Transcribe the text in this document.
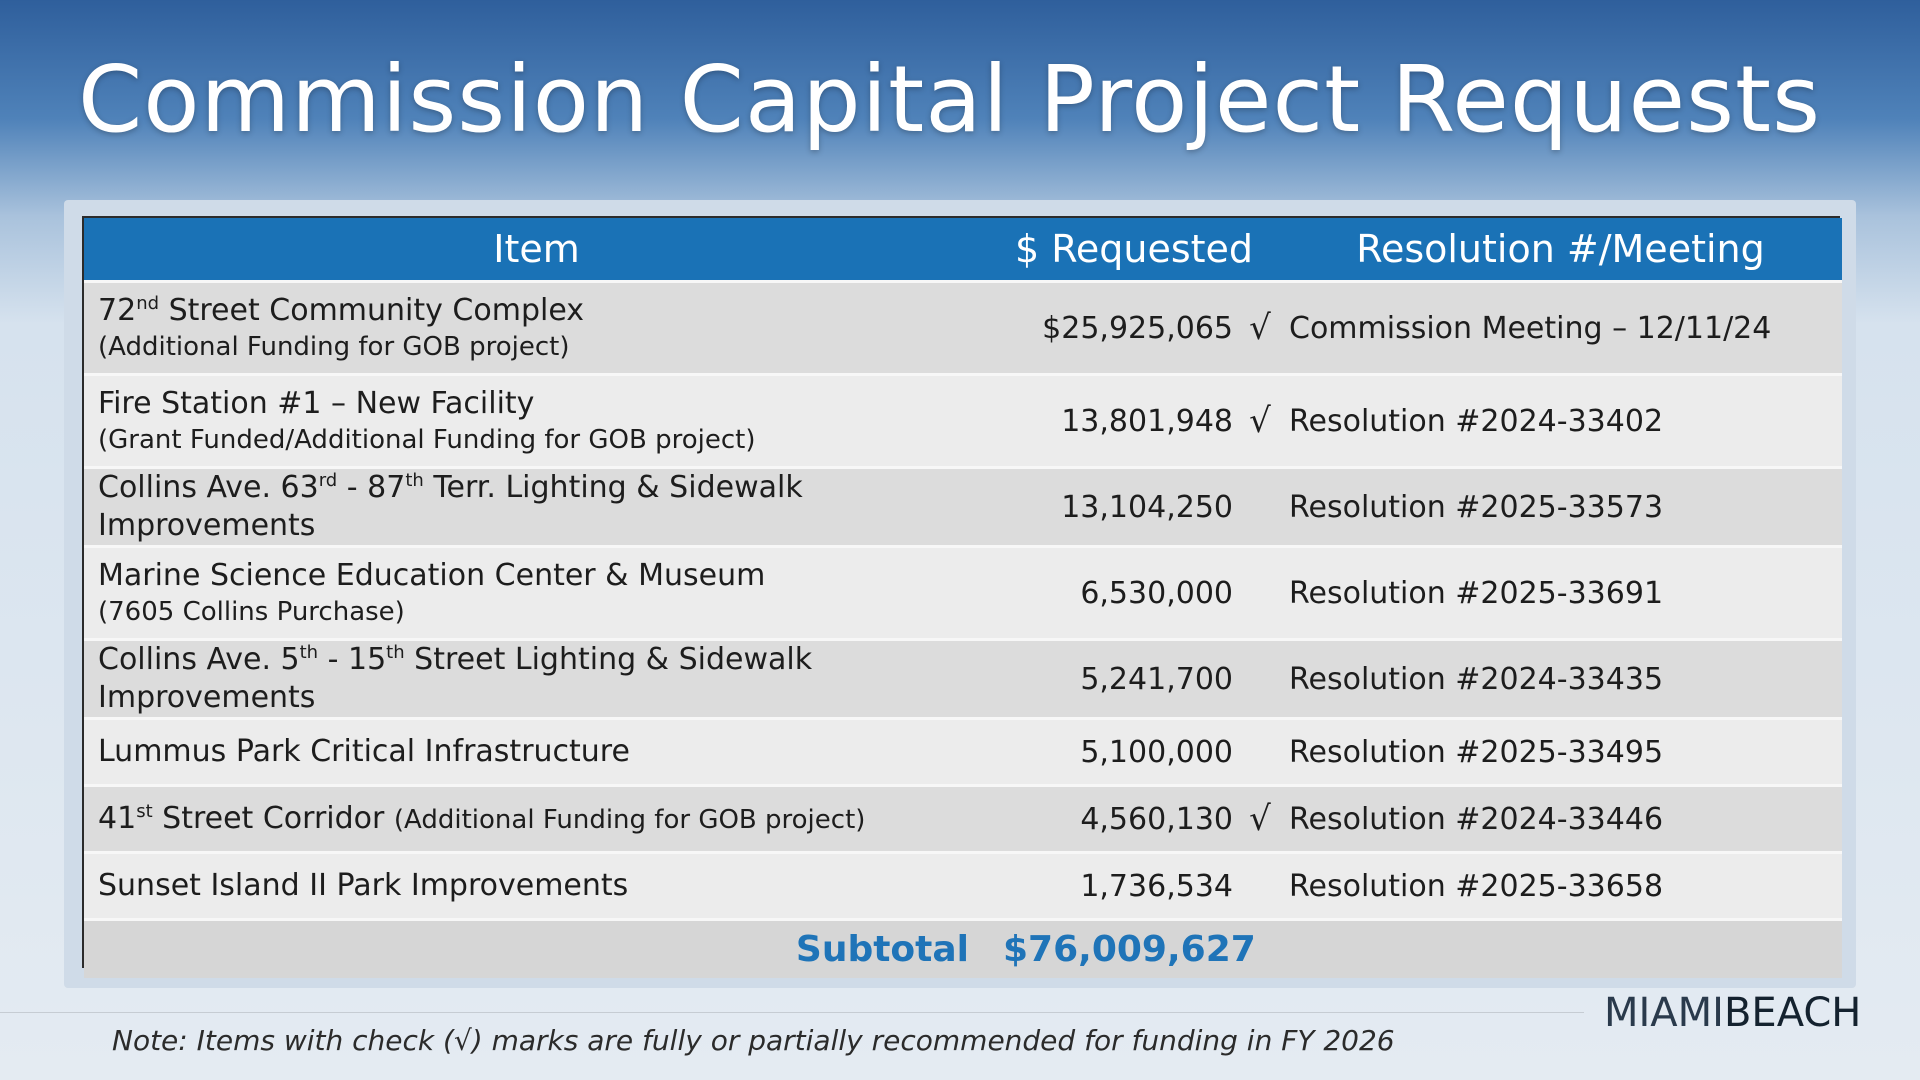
Commission Capital Project Requests
Item	$ Requested		Resolution #/Meeting

72nd Street Community Complex
(Additional Funding for GOB project)	$25,925,065	√	Commission Meeting – 12/11/24

Fire Station #1 – New Facility
(Grant Funded/Additional Funding for GOB project)	13,801,948	√	Resolution #2024-33402

Collins Ave. 63rd - 87th Terr. Lighting & Sidewalk Improvements	13,104,250		Resolution #2025-33573

Marine Science Education Center & Museum
(7605 Collins Purchase)	6,530,000		Resolution #2025-33691

Collins Ave. 5th - 15th Street Lighting & Sidewalk Improvements	5,241,700		Resolution #2024-33435

Lummus Park Critical Infrastructure	5,100,000		Resolution #2025-33495

41st Street Corridor (Additional Funding for GOB project)	4,560,130	√	Resolution #2024-33446

Sunset Island II Park Improvements	1,736,534		Resolution #2025-33658
Subtotal	$76,009,627		
Note: Items with check (√) marks are fully or partially recommended for funding in FY 2026
MIAMIBEACH
